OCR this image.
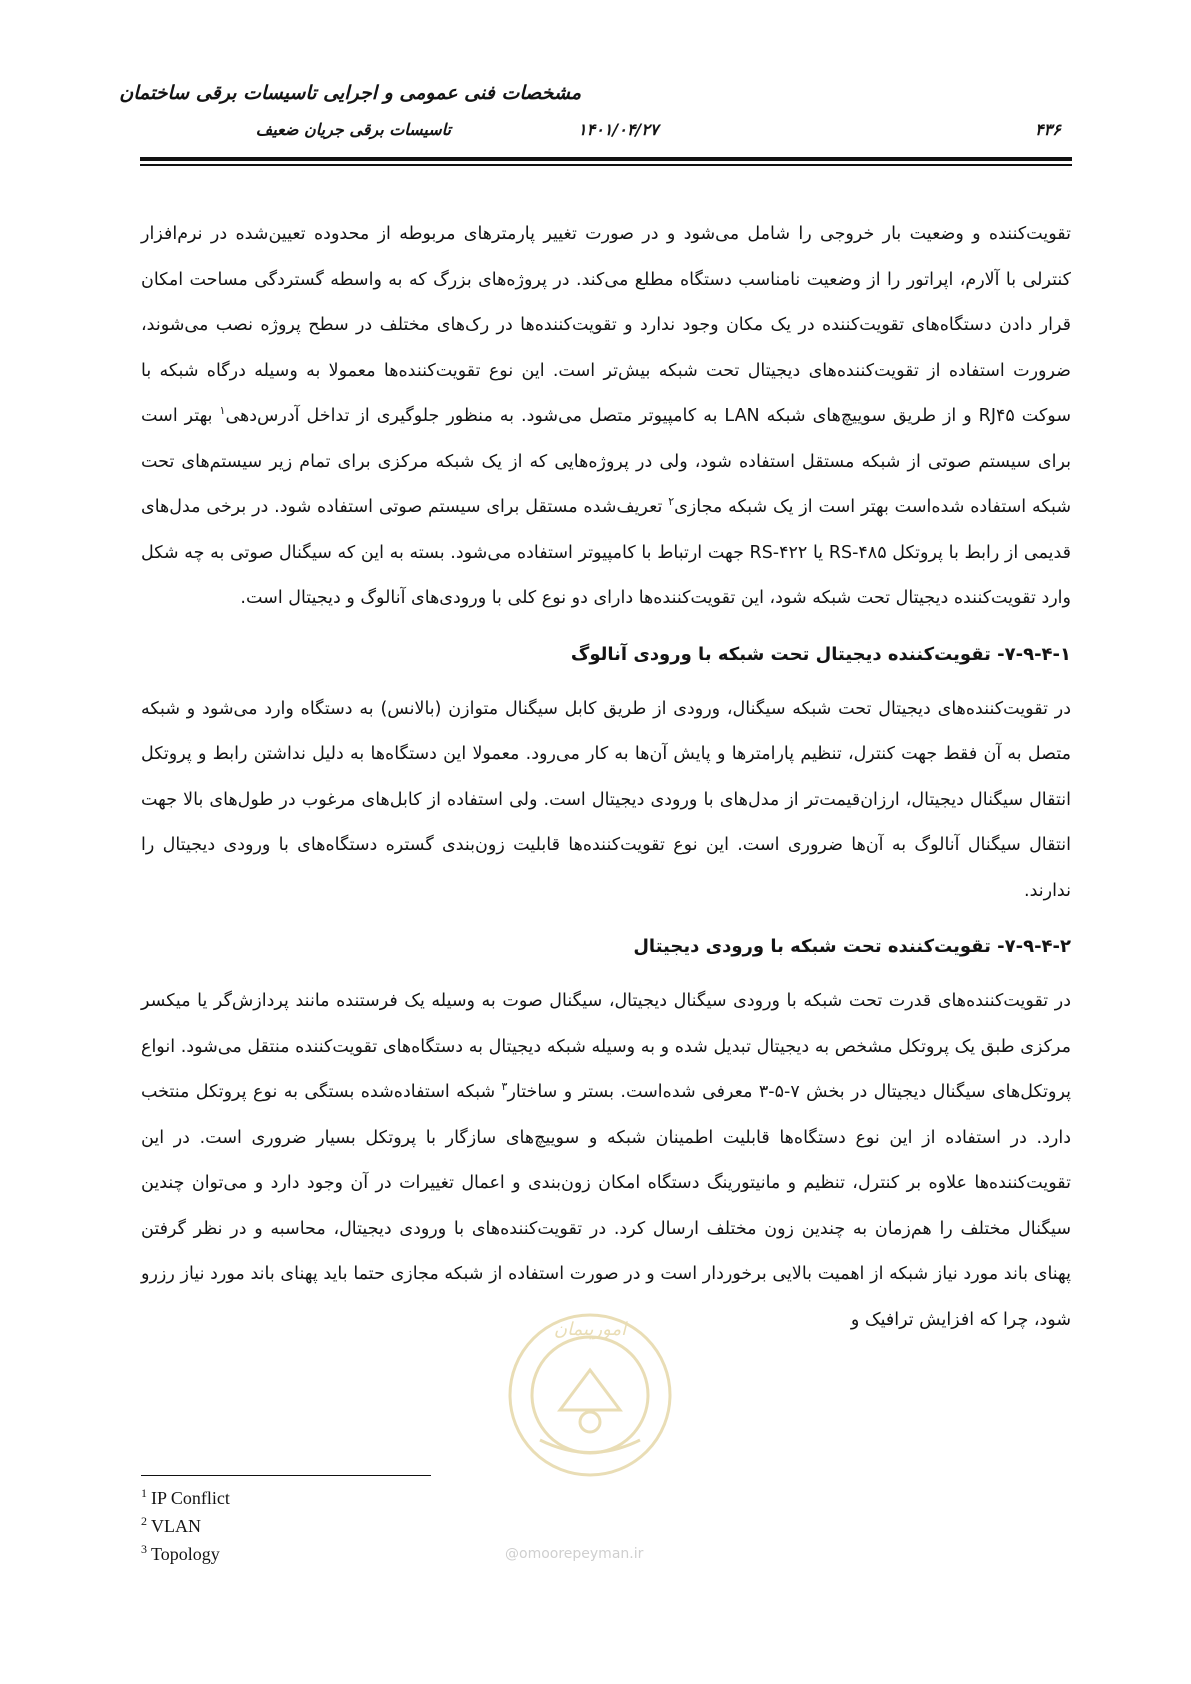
مشخصات فنی عمومی و اجرایی تاسیسات برقی ساختمان
تاسیسات برقی جریان ضعیف	۱۴۰۱/۰۴/۲۷	۴۳۶

تقویت‌کننده و وضعیت بار خروجی را شامل می‌شود و در صورت تغییر پارمترهای مربوطه از محدوده تعیین‌شده در نرم‌افزار کنترلی با آلارم، اپراتور را از وضعیت نامناسب دستگاه مطلع می‌کند. در پروژه‌های بزرگ که به واسطه گستردگی مساحت امکان قرار دادن دستگاه‌های تقویت‌کننده در یک مکان وجود ندارد و تقویت‌کننده‌ها در رک‌های مختلف در سطح پروژه نصب می‌شوند، ضرورت استفاده از تقویت‌کننده‌های دیجیتال تحت شبکه بیش‌تر است. این نوع تقویت‌کننده‌ها معمولا به وسیله درگاه شبکه با سوکت RJ۴۵ و از طریق سوییچ‌های شبکه LAN به کامپیوتر متصل می‌شود. به منظور جلوگیری از تداخل آدرس‌دهی$^۱$ بهتر است برای سیستم صوتی از شبکه مستقل استفاده شود، ولی در پروژه‌هایی که از یک شبکه مرکزی برای تمام زیر سیستم‌های تحت شبکه استفاده شده‌است بهتر است از یک شبکه مجازی$^۲$ تعریف‌شده مستقل برای سیستم صوتی استفاده شود. در برخی مدل‌های قدیمی از رابط با پروتکل RS-۴۸۵ یا RS-۴۲۲ جهت ارتباط با کامپیوتر استفاده می‌شود. بسته به این که سیگنال صوتی به چه شکل وارد تقویت‌کننده دیجیتال تحت شبکه شود، این تقویت‌کننده‌ها دارای دو نوع کلی با ورودی‌های آنالوگ و دیجیتال است.

۷-۹-۴-۱- تقویت‌کننده دیجیتال تحت شبکه با ورودی آنالوگ

در تقویت‌کننده‌های دیجیتال تحت شبکه سیگنال، ورودی از طریق کابل سیگنال متوازن (بالانس) به دستگاه وارد می‌شود و شبکه متصل به آن فقط جهت کنترل، تنظیم پارامترها و پایش آن‌ها به کار می‌رود. معمولا این دستگاه‌ها به دلیل نداشتن رابط و پروتکل انتقال سیگنال دیجیتال، ارزان‌قیمت‌تر از مدل‌های با ورودی دیجیتال است. ولی استفاده از کابل‌های مرغوب در طول‌های بالا جهت انتقال سیگنال آنالوگ به آن‌ها ضروری است. این نوع تقویت‌کننده‌ها قابلیت زون‌بندی گستره دستگاه‌های با ورودی دیجیتال را ندارند.

۷-۹-۴-۲- تقویت‌کننده تحت شبکه با ورودی دیجیتال

در تقویت‌کننده‌های قدرت تحت شبکه با ورودی سیگنال دیجیتال، سیگنال صوت به وسیله یک فرستنده مانند پردازش‌گر یا میکسر مرکزی طبق یک پروتکل مشخص به دیجیتال تبدیل شده و به وسیله شبکه دیجیتال به دستگاه‌های تقویت‌کننده منتقل می‌شود. انواع پروتکل‌های سیگنال دیجیتال در بخش ۷-۵-۳ معرفی شده‌است. بستر و ساختار$^۳$ شبکه استفاده‌شده بستگی به نوع پروتکل منتخب دارد. در استفاده از این نوع دستگاه‌ها قابلیت اطمینان شبکه و سوییچ‌های سازگار با پروتکل بسیار ضروری است. در این تقویت‌کننده‌ها علاوه بر کنترل، تنظیم و مانیتورینگ دستگاه امکان زون‌بندی و اعمال تغییرات در آن وجود دارد و می‌توان چندین سیگنال مختلف را هم‌زمان به چندین زون مختلف ارسال کرد. در تقویت‌کننده‌های با ورودی دیجیتال، محاسبه و در نظر گرفتن پهنای باند مورد نیاز شبکه از اهمیت بالایی برخوردار است و در صورت استفاده از شبکه مجازی حتما باید پهنای باند مورد نیاز رزرو شود، چرا که افزایش ترافیک و

$^1$ IP Conflict
$^2$ VLAN
$^3$ Topology
امورپیمان
@omoorepeyman.ir
